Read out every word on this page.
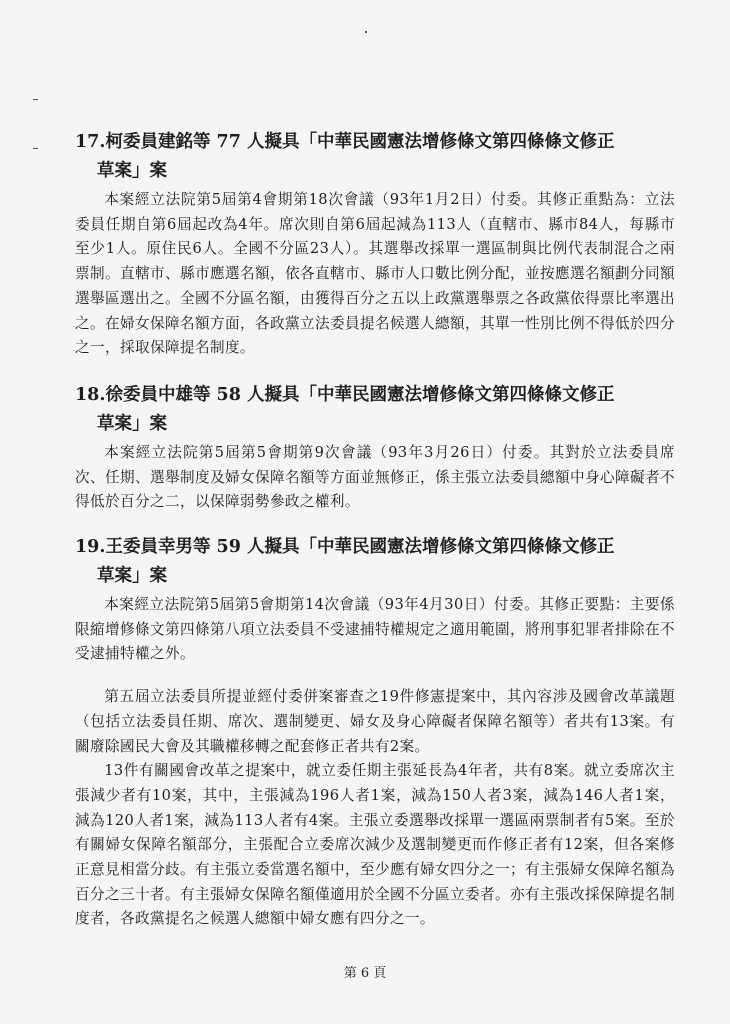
17.柯委員建銘等 77 人擬具「中華民國憲法增修條文第四條條文修正
草案」案

本案經立法院第5屆第4會期第18次會議（93年1月2日）付委。其修正重點為：立法委員任期自第6屆起改為4年。席次則自第6屆起減為113人（直轄市、縣市84人，每縣市至少1人。原住民6人。全國不分區23人）。其選舉改採單一選區制與比例代表制混合之兩票制。直轄市、縣市應選名額，依各直轄市、縣市人口數比例分配，並按應選名額劃分同額選舉區選出之。全國不分區名額，由獲得百分之五以上政黨選舉票之各政黨依得票比率選出之。在婦女保障名額方面，各政黨立法委員提名候選人總額，其單一性別比例不得低於四分之一，採取保障提名制度。

18.徐委員中雄等 58 人擬具「中華民國憲法增修條文第四條條文修正
草案」案

本案經立法院第5屆第5會期第9次會議（93年3月26日）付委。其對於立法委員席次、任期、選舉制度及婦女保障名額等方面並無修正，係主張立法委員總額中身心障礙者不得低於百分之二，以保障弱勢參政之權利。

19.王委員幸男等 59 人擬具「中華民國憲法增修條文第四條條文修正
草案」案

本案經立法院第5屆第5會期第14次會議（93年4月30日）付委。其修正要點：主要係限縮增修條文第四條第八項立法委員不受逮捕特權規定之適用範圍，將刑事犯罪者排除在不受逮捕特權之外。

第五屆立法委員所提並經付委併案審查之19件修憲提案中，其內容涉及國會改革議題（包括立法委員任期、席次、選制變更、婦女及身心障礙者保障名額等）者共有13案。有關廢除國民大會及其職權移轉之配套修正者共有2案。

13件有關國會改革之提案中，就立委任期主張延長為4年者，共有8案。就立委席次主張減少者有10案，其中，主張減為196人者1案，減為150人者3案，減為146人者1案，減為120人者1案，減為113人者有4案。主張立委選舉改採單一選區兩票制者有5案。至於有關婦女保障名額部分，主張配合立委席次減少及選制變更而作修正者有12案，但各案修正意見相當分歧。有主張立委當選名額中，至少應有婦女四分之一；有主張婦女保障名額為百分之三十者。有主張婦女保障名額僅適用於全國不分區立委者。亦有主張改採保障提名制度者，各政黨提名之候選人總額中婦女應有四分之一。

第 6 頁
